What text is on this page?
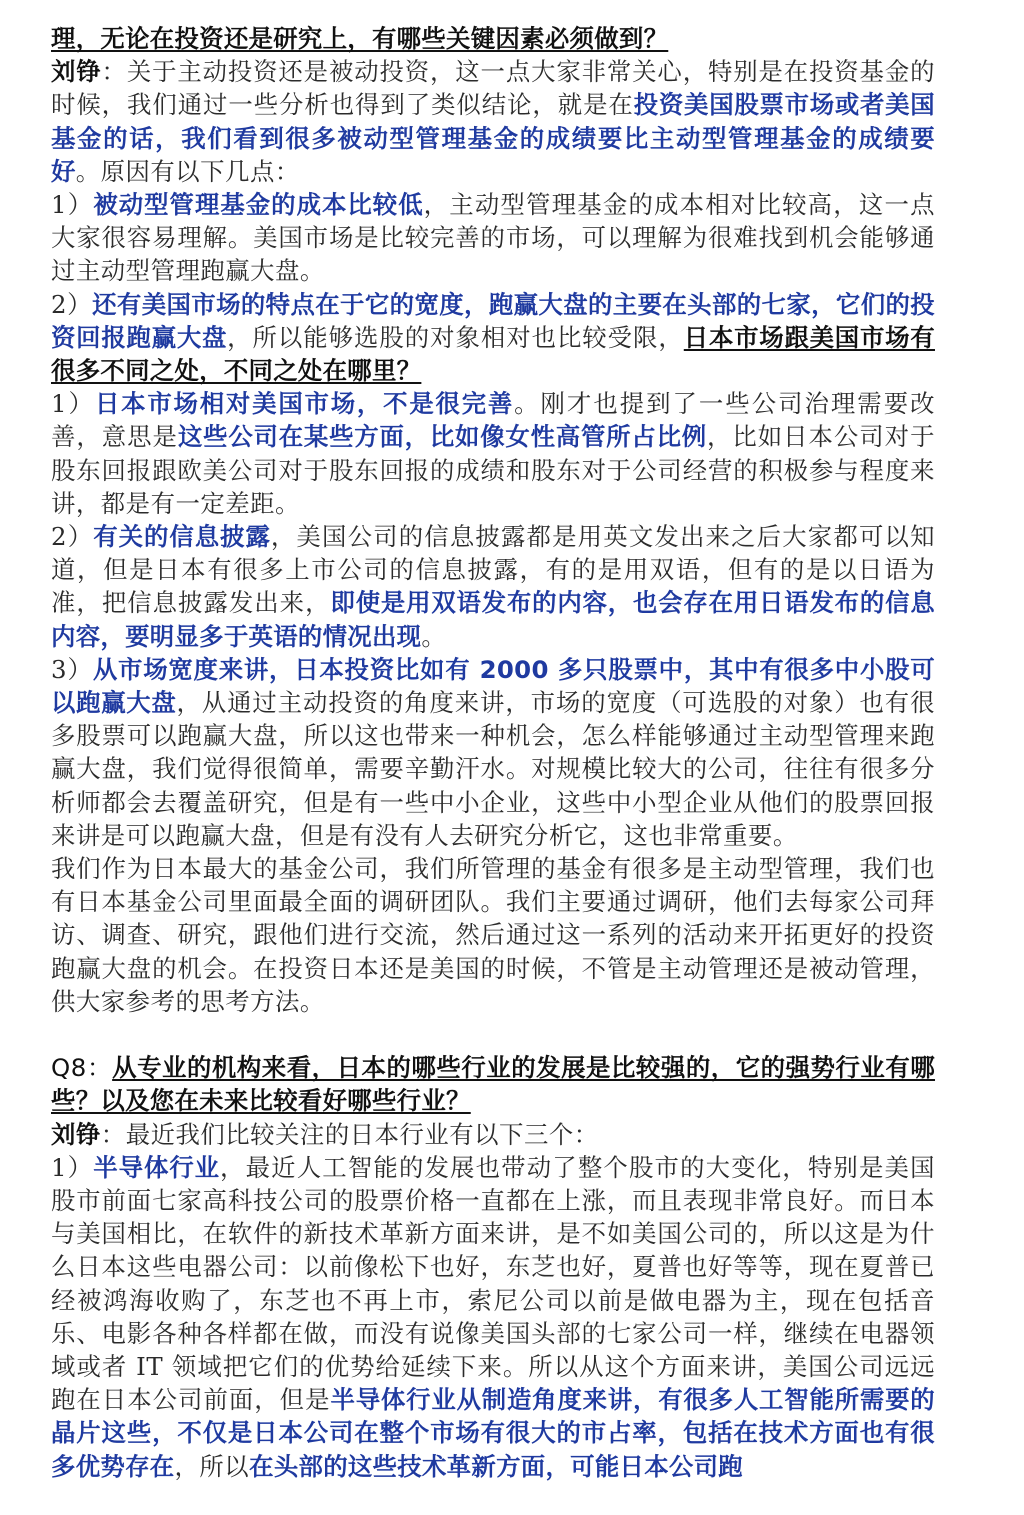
理，无论在投资还是研究上，有哪些关键因素必须做到？

刘铮：关于主动投资还是被动投资，这一点大家非常关心，特别是在投资基金的时候，我们通过一些分析也得到了类似结论，就是在投资美国股票市场或者美国基金的话，我们看到很多被动型管理基金的成绩要比主动型管理基金的成绩要好。原因有以下几点：

1）被动型管理基金的成本比较低，主动型管理基金的成本相对比较高，这一点大家很容易理解。美国市场是比较完善的市场，可以理解为很难找到机会能够通过主动型管理跑赢大盘。

2）还有美国市场的特点在于它的宽度，跑赢大盘的主要在头部的七家，它们的投资回报跑赢大盘，所以能够选股的对象相对也比较受限，日本市场跟美国市场有很多不同之处，不同之处在哪里？

1）日本市场相对美国市场，不是很完善。刚才也提到了一些公司治理需要改善，意思是这些公司在某些方面，比如像女性高管所占比例，比如日本公司对于股东回报跟欧美公司对于股东回报的成绩和股东对于公司经营的积极参与程度来讲，都是有一定差距。

2）有关的信息披露，美国公司的信息披露都是用英文发出来之后大家都可以知道，但是日本有很多上市公司的信息披露，有的是用双语，但有的是以日语为准，把信息披露发出来，即使是用双语发布的内容，也会存在用日语发布的信息内容，要明显多于英语的情况出现。

3）从市场宽度来讲，日本投资比如有 2000 多只股票中，其中有很多中小股可以跑赢大盘，从通过主动投资的角度来讲，市场的宽度（可选股的对象）也有很多股票可以跑赢大盘，所以这也带来一种机会，怎么样能够通过主动型管理来跑赢大盘，我们觉得很简单，需要辛勤汗水。对规模比较大的公司，往往有很多分析师都会去覆盖研究，但是有一些中小企业，这些中小型企业从他们的股票回报来讲是可以跑赢大盘，但是有没有人去研究分析它，这也非常重要。

我们作为日本最大的基金公司，我们所管理的基金有很多是主动型管理，我们也有日本基金公司里面最全面的调研团队。我们主要通过调研，他们去每家公司拜访、调查、研究，跟他们进行交流，然后通过这一系列的活动来开拓更好的投资跑赢大盘的机会。在投资日本还是美国的时候，不管是主动管理还是被动管理，供大家参考的思考方法。

Q8：从专业的机构来看，日本的哪些行业的发展是比较强的，它的强势行业有哪些？以及您在未来比较看好哪些行业？

刘铮：最近我们比较关注的日本行业有以下三个：

1）半导体行业，最近人工智能的发展也带动了整个股市的大变化，特别是美国股市前面七家高科技公司的股票价格一直都在上涨，而且表现非常良好。而日本与美国相比，在软件的新技术革新方面来讲，是不如美国公司的，所以这是为什么日本这些电器公司：以前像松下也好，东芝也好，夏普也好等等，现在夏普已经被鸿海收购了，东芝也不再上市，索尼公司以前是做电器为主，现在包括音乐、电影各种各样都在做，而没有说像美国头部的七家公司一样，继续在电器领域或者 IT 领域把它们的优势给延续下来。所以从这个方面来讲，美国公司远远跑在日本公司前面，但是半导体行业从制造角度来讲，有很多人工智能所需要的晶片这些，不仅是日本公司在整个市场有很大的市占率，包括在技术方面也有很多优势存在，所以在头部的这些技术革新方面，可能日本公司跑
